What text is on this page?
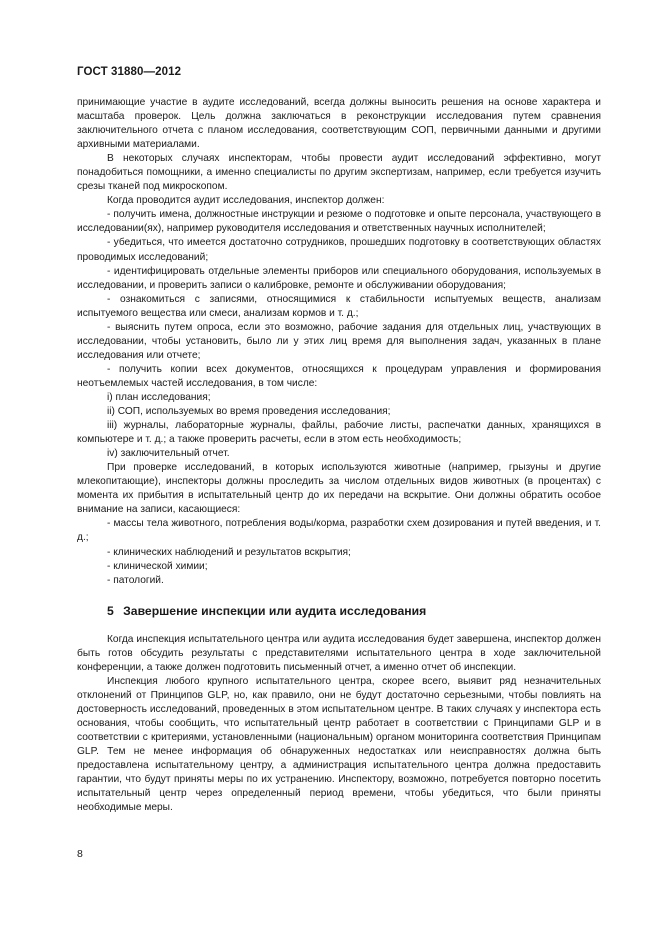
ГОСТ 31880—2012

принимающие участие в аудите исследований, всегда должны выносить решения на основе характера и масштаба проверок. Цель должна заключаться в реконструкции исследования путем сравнения заключительного отчета с планом исследования, соответствующим СОП, первичными данными и другими архивными материалами.

В некоторых случаях инспекторам, чтобы провести аудит исследований эффективно, могут понадобиться помощники, а именно специалисты по другим экспертизам, например, если требуется изучить срезы тканей под микроскопом.

Когда проводится аудит исследования, инспектор должен:

- получить имена, должностные инструкции и резюме о подготовке и опыте персонала, участвующего в исследовании(ях), например руководителя исследования и ответственных научных исполнителей;

- убедиться, что имеется достаточно сотрудников, прошедших подготовку в соответствующих областях проводимых исследований;

- идентифицировать отдельные элементы приборов или специального оборудования, используемых в исследовании, и проверить записи о калибровке, ремонте и обслуживании оборудования;

- ознакомиться с записями, относящимися к стабильности испытуемых веществ, анализам испытуемого вещества или смеси, анализам кормов и т. д.;

- выяснить путем опроса, если это возможно, рабочие задания для отдельных лиц, участвующих в исследовании, чтобы установить, было ли у этих лиц время для выполнения задач, указанных в плане исследования или отчете;

- получить копии всех документов, относящихся к процедурам управления и формирования неотъемлемых частей исследования, в том числе:

i) план исследования;

ii) СОП, используемых во время проведения исследования;

iii) журналы, лабораторные журналы, файлы, рабочие листы, распечатки данных, хранящихся в компьютере и т. д.; а также проверить расчеты, если в этом есть необходимость;

iv) заключительный отчет.

При проверке исследований, в которых используются животные (например, грызуны и другие млекопитающие), инспекторы должны проследить за числом отдельных видов животных (в процентах) с момента их прибытия в испытательный центр до их передачи на вскрытие. Они должны обратить особое внимание на записи, касающиеся:

- массы тела животного, потребления воды/корма, разработки схем дозирования и путей введения, и т. д.;

- клинических наблюдений и результатов вскрытия;

- клинической химии;

- патологий.

5 Завершение инспекции или аудита исследования

Когда инспекция испытательного центра или аудита исследования будет завершена, инспектор должен быть готов обсудить результаты с представителями испытательного центра в ходе заключительной конференции, а также должен подготовить письменный отчет, а именно отчет об инспекции.

Инспекция любого крупного испытательного центра, скорее всего, выявит ряд незначительных отклонений от Принципов GLP, но, как правило, они не будут достаточно серьезными, чтобы повлиять на достоверность исследований, проведенных в этом испытательном центре. В таких случаях у инспектора есть основания, чтобы сообщить, что испытательный центр работает в соответствии с Принципами GLP и в соответствии с критериями, установленными (национальным) органом мониторинга соответствия Принципам GLP. Тем не менее информация об обнаруженных недостатках или неисправностях должна быть предоставлена испытательному центру, а администрация испытательного центра должна предоставить гарантии, что будут приняты меры по их устранению. Инспектору, возможно, потребуется повторно посетить испытательный центр через определенный период времени, чтобы убедиться, что были приняты необходимые меры.

8
